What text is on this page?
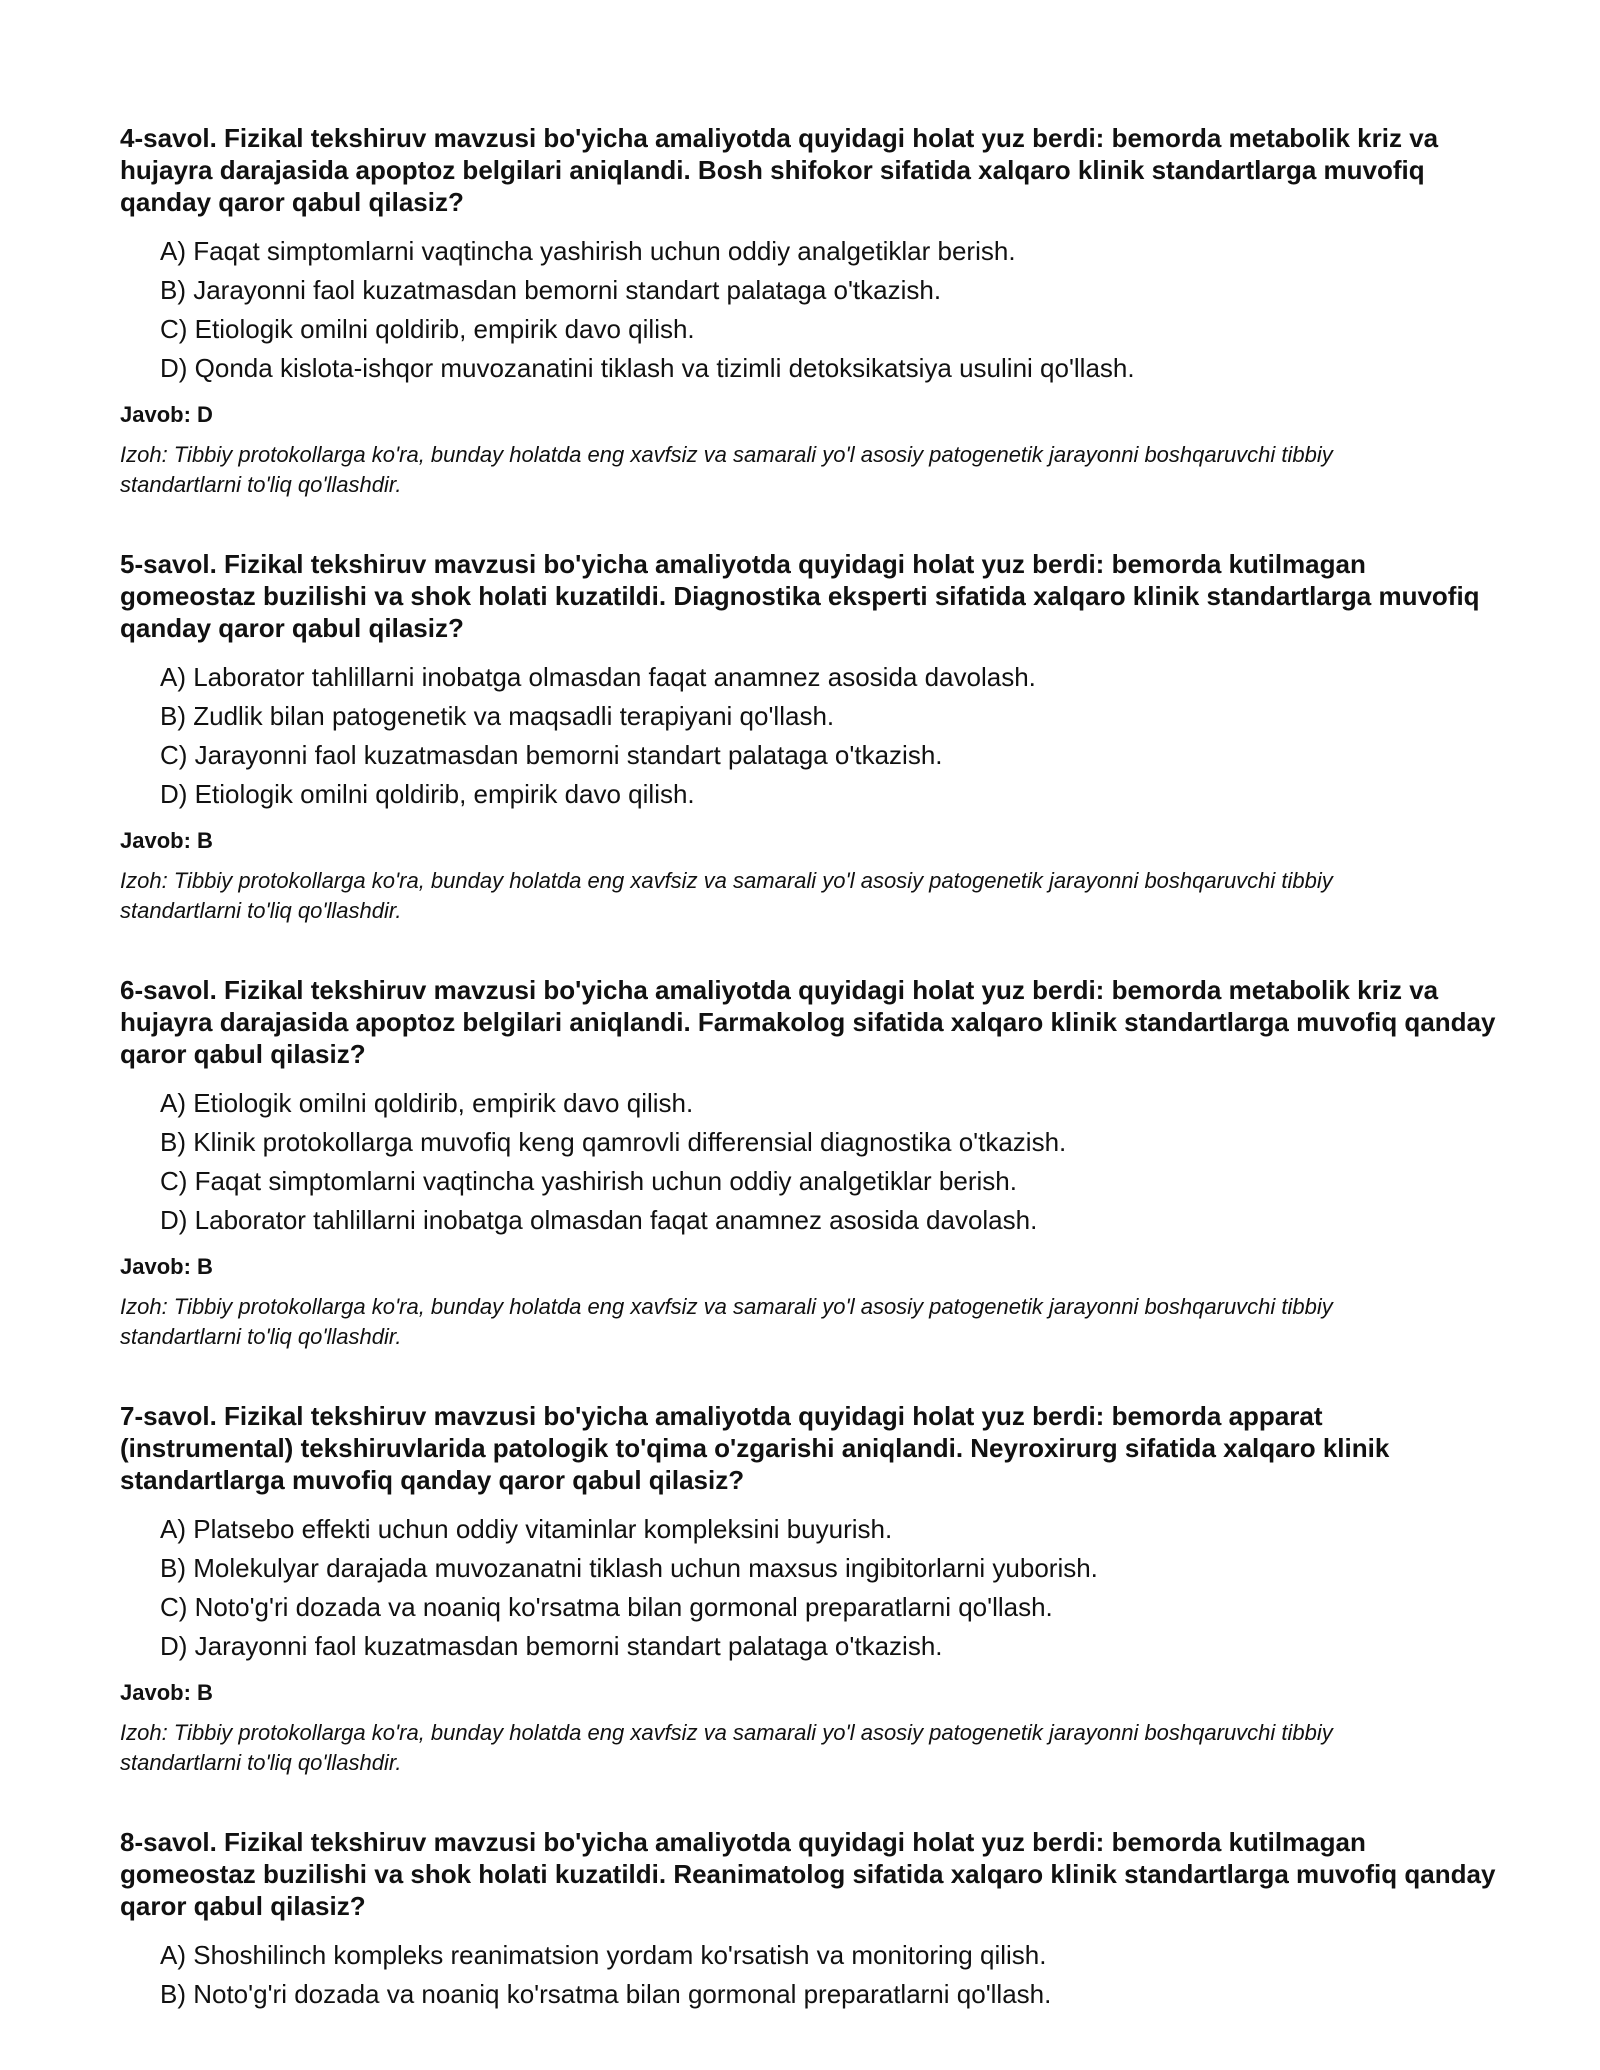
4-savol. Fizikal tekshiruv mavzusi bo'yicha amaliyotda quyidagi holat yuz berdi: bemorda metabolik kriz va hujayra darajasida apoptoz belgilari aniqlandi. Bosh shifokor sifatida xalqaro klinik standartlarga muvofiq qanday qaror qabul qilasiz?

A) Faqat simptomlarni vaqtincha yashirish uchun oddiy analgetiklar berish.
B) Jarayonni faol kuzatmasdan bemorni standart palataga o'tkazish.
C) Etiologik omilni qoldirib, empirik davo qilish.
D) Qonda kislota-ishqor muvozanatini tiklash va tizimli detoksikatsiya usulini qo'llash.

Javob: D

Izoh: Tibbiy protokollarga ko'ra, bunday holatda eng xavfsiz va samarali yo'l asosiy patogenetik jarayonni boshqaruvchi tibbiy standartlarni to'liq qo'llashdir.

5-savol. Fizikal tekshiruv mavzusi bo'yicha amaliyotda quyidagi holat yuz berdi: bemorda kutilmagan gomeostaz buzilishi va shok holati kuzatildi. Diagnostika eksperti sifatida xalqaro klinik standartlarga muvofiq qanday qaror qabul qilasiz?

A) Laborator tahlillarni inobatga olmasdan faqat anamnez asosida davolash.
B) Zudlik bilan patogenetik va maqsadli terapiyani qo'llash.
C) Jarayonni faol kuzatmasdan bemorni standart palataga o'tkazish.
D) Etiologik omilni qoldirib, empirik davo qilish.

Javob: B

Izoh: Tibbiy protokollarga ko'ra, bunday holatda eng xavfsiz va samarali yo'l asosiy patogenetik jarayonni boshqaruvchi tibbiy standartlarni to'liq qo'llashdir.

6-savol. Fizikal tekshiruv mavzusi bo'yicha amaliyotda quyidagi holat yuz berdi: bemorda metabolik kriz va hujayra darajasida apoptoz belgilari aniqlandi. Farmakolog sifatida xalqaro klinik standartlarga muvofiq qanday qaror qabul qilasiz?

A) Etiologik omilni qoldirib, empirik davo qilish.
B) Klinik protokollarga muvofiq keng qamrovli differensial diagnostika o'tkazish.
C) Faqat simptomlarni vaqtincha yashirish uchun oddiy analgetiklar berish.
D) Laborator tahlillarni inobatga olmasdan faqat anamnez asosida davolash.

Javob: B

Izoh: Tibbiy protokollarga ko'ra, bunday holatda eng xavfsiz va samarali yo'l asosiy patogenetik jarayonni boshqaruvchi tibbiy standartlarni to'liq qo'llashdir.

7-savol. Fizikal tekshiruv mavzusi bo'yicha amaliyotda quyidagi holat yuz berdi: bemorda apparat (instrumental) tekshiruvlarida patologik to'qima o'zgarishi aniqlandi. Neyroxirurg sifatida xalqaro klinik standartlarga muvofiq qanday qaror qabul qilasiz?

A) Platsebo effekti uchun oddiy vitaminlar kompleksini buyurish.
B) Molekulyar darajada muvozanatni tiklash uchun maxsus ingibitorlarni yuborish.
C) Noto'g'ri dozada va noaniq ko'rsatma bilan gormonal preparatlarni qo'llash.
D) Jarayonni faol kuzatmasdan bemorni standart palataga o'tkazish.

Javob: B

Izoh: Tibbiy protokollarga ko'ra, bunday holatda eng xavfsiz va samarali yo'l asosiy patogenetik jarayonni boshqaruvchi tibbiy standartlarni to'liq qo'llashdir.

8-savol. Fizikal tekshiruv mavzusi bo'yicha amaliyotda quyidagi holat yuz berdi: bemorda kutilmagan gomeostaz buzilishi va shok holati kuzatildi. Reanimatolog sifatida xalqaro klinik standartlarga muvofiq qanday qaror qabul qilasiz?

A) Shoshilinch kompleks reanimatsion yordam ko'rsatish va monitoring qilish.
B) Noto'g'ri dozada va noaniq ko'rsatma bilan gormonal preparatlarni qo'llash.
